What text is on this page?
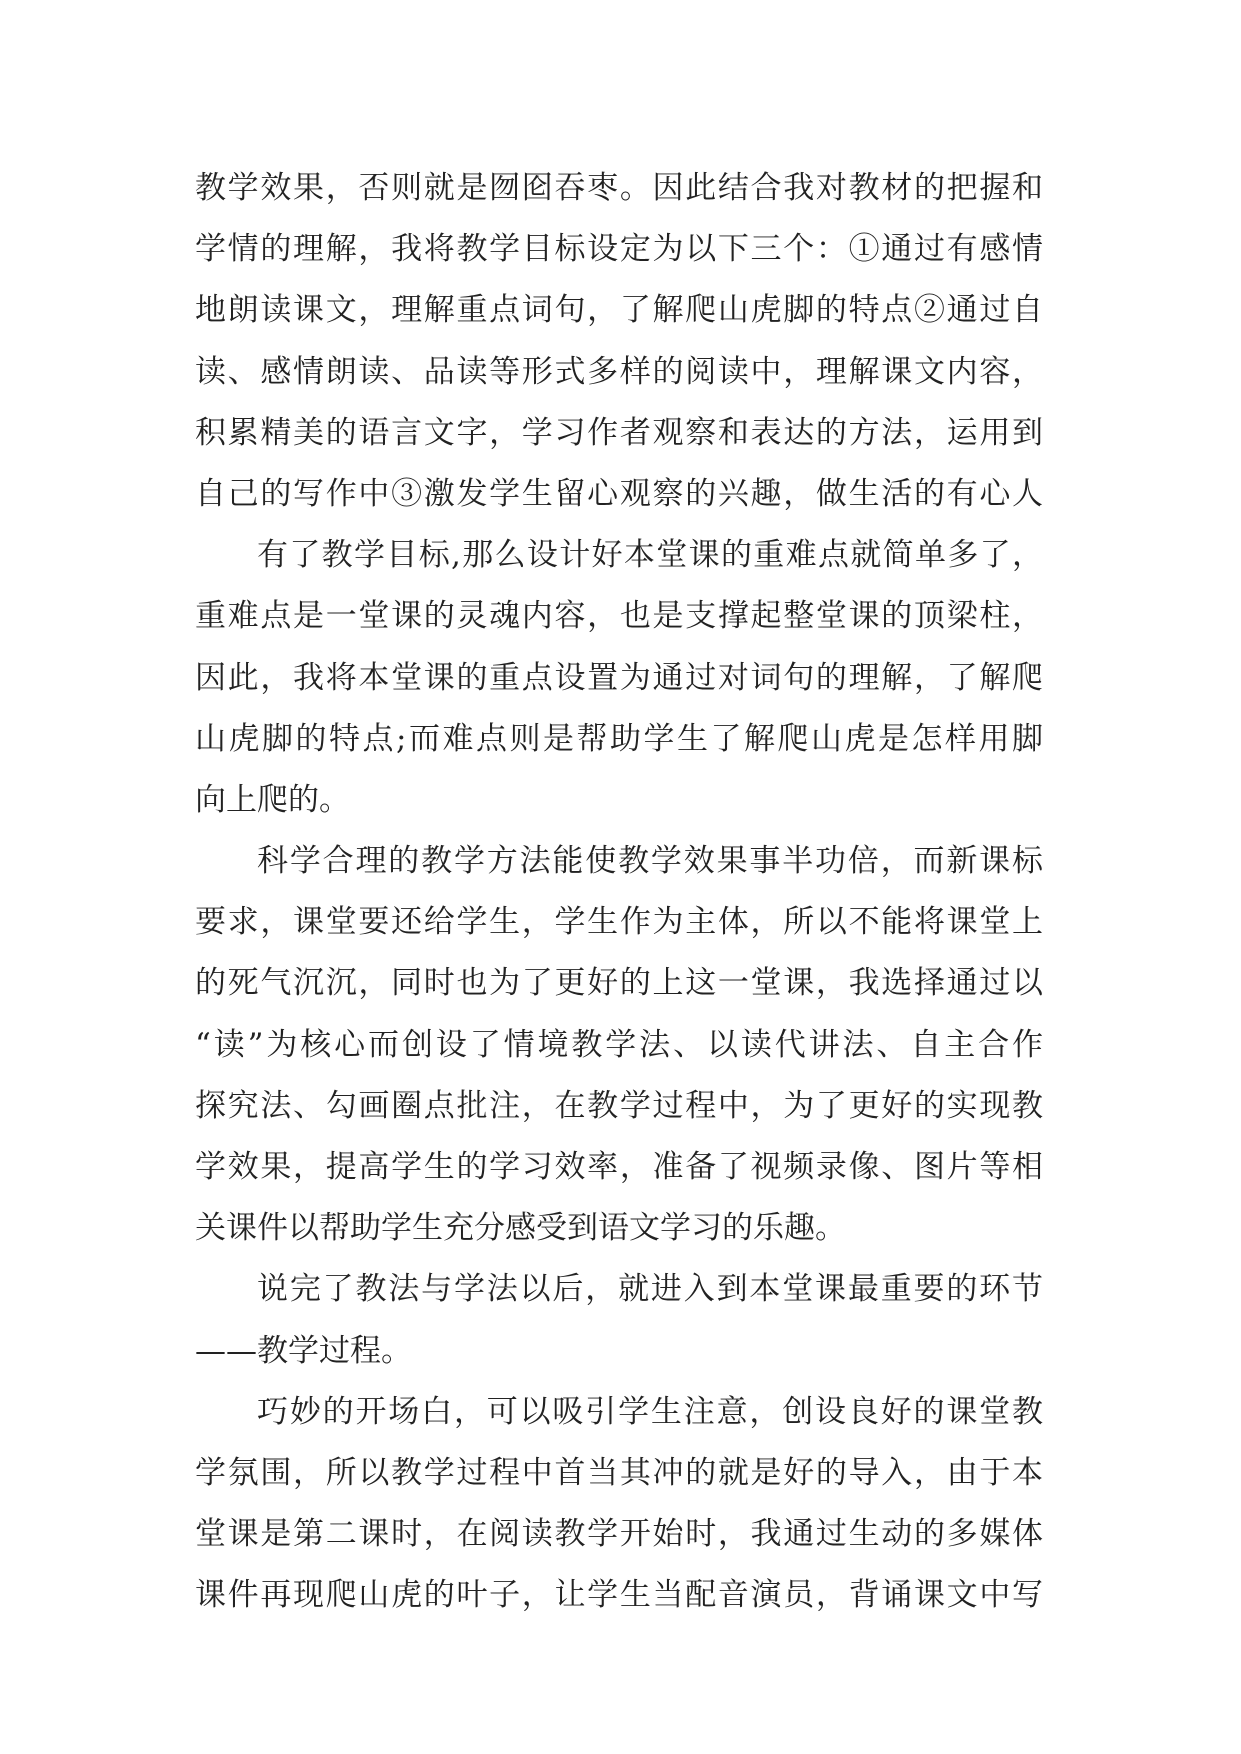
教学效果，否则就是囫囵吞枣。因此结合我对教材的把握和
学情的理解，我将教学目标设定为以下三个：①通过有感情
地朗读课文，理解重点词句，了解爬山虎脚的特点②通过自
读、感情朗读、品读等形式多样的阅读中，理解课文内容，
积累精美的语言文字，学习作者观察和表达的方法，运用到
自己的写作中③激发学生留心观察的兴趣，做生活的有心人
有了教学目标,那么设计好本堂课的重难点就简单多了，
重难点是一堂课的灵魂内容，也是支撑起整堂课的顶梁柱，
因此，我将本堂课的重点设置为通过对词句的理解，了解爬
山虎脚的特点;而难点则是帮助学生了解爬山虎是怎样用脚
向上爬的。
科学合理的教学方法能使教学效果事半功倍，而新课标
要求，课堂要还给学生，学生作为主体，所以不能将课堂上
的死气沉沉，同时也为了更好的上这一堂课，我选择通过以
“读”为核心而创设了情境教学法、以读代讲法、自主合作
探究法、勾画圈点批注，在教学过程中，为了更好的实现教
学效果，提高学生的学习效率，准备了视频录像、图片等相
关课件以帮助学生充分感受到语文学习的乐趣。
说完了教法与学法以后，就进入到本堂课最重要的环节
——教学过程。
巧妙的开场白，可以吸引学生注意，创设良好的课堂教
学氛围，所以教学过程中首当其冲的就是好的导入，由于本
堂课是第二课时，在阅读教学开始时，我通过生动的多媒体
课件再现爬山虎的叶子，让学生当配音演员，背诵课文中写
